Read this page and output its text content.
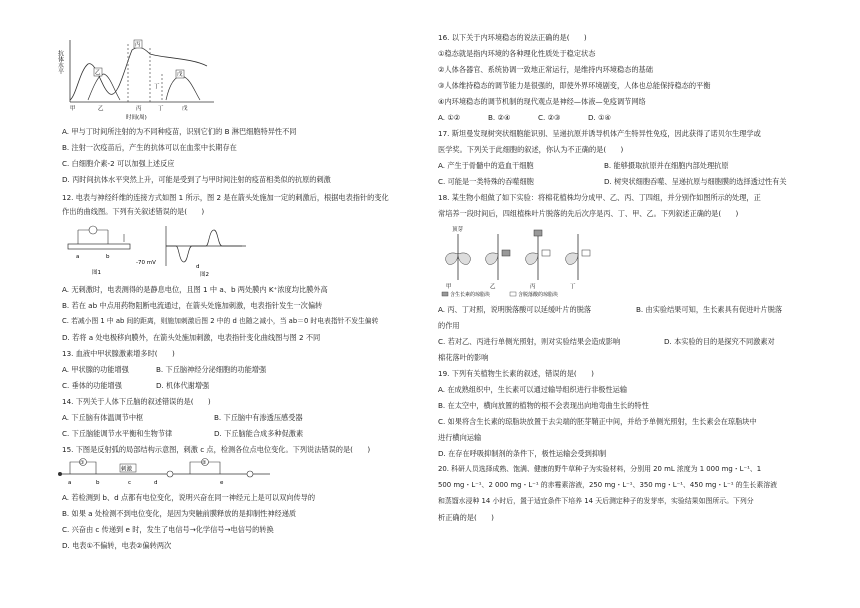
抗体水平	乙
丙
丁
戊
甲	乙	丁	戊
丙
时间(周)
A. 甲与丁时间所注射的为不同种疫苗，识别它们的 B 淋巴细胞特异性不同
B. 注射一次疫苗后，产生的抗体可以在血浆中长期存在
C. 白细胞介素-2 可以加强上述反应
D. 丙时间抗体水平突然上升，可能是受到了与甲时间注射的疫苗相类似的抗原的刺激
12. 电表与神经纤维的连接方式如图 1 所示，图 2 是在箭头处施加一定的刺激后，根据电表指针的变化
作出的曲线图。下列有关叙述错误的是(　　)
a	b
图1
-70 mV
d
图2
A. 无刺激时，电表测得的是静息电位，且图 1 中 a、b 两处膜内 K⁺浓度均比膜外高
B. 若在 ab 中点用药物阻断电流通过，在箭头处施加刺激，电表指针发生一次偏转
C. 若减小图 1 中 ab 间的距离，则施加刺激后图 2 中的 d 也随之减小，当 ab＝0 时电表指针不发生偏转
D. 若将 a 处电极移向膜外，在箭头处施加刺激，电表指针变化曲线图与图 2 不同
13. 血液中甲状腺激素增多时(　　)
A. 甲状腺的功能增强	B. 下丘脑神经分泌细胞的功能增强
C. 垂体的功能增强	D. 机体代谢增强
14. 下列关于人体下丘脑的叙述错误的是(　　)
A. 下丘脑有体温调节中枢	B. 下丘脑中有渗透压感受器
C. 下丘脑能调节水平衡和生物节律	D. 下丘脑能合成多种促激素
15. 下图是反射弧的局部结构示意图，刺激 c 点，检测各位点电位变化。下列说法错误的是(　　)
①	②
刺激
a	b	c	d	e
A. 若检测到 b、d 点都有电位变化，说明兴奋在同一神经元上是可以双向传导的
B. 如果 a 处检测不到电位变化，是因为突触前膜释放的是抑制性神经递质
C. 兴奋由 c 传递到 e 时，发生了电信号→化学信号→电信号的转换
D. 电表①不偏转，电表②偏转两次
16. 以下关于内环境稳态的说法正确的是(　　)
①稳态就是指内环境的各种理化性质处于稳定状态
②人体各器官、系统协调一致地正常运行，是维持内环境稳态的基础
③人体维持稳态的调节能力是很强的，即使外界环境剧变，人体也总能保持稳态的平衡
④内环境稳态的调节机制的现代观点是神经—体液—免疫调节网络
A. ①②	B. ②④	C. ②③	D. ①④
17. 斯坦曼发现树突状细胞能识别、呈递抗原并诱导机体产生特异性免疫，因此获得了诺贝尔生理学或
医学奖。下列关于此细胞的叙述，你认为不正确的是(　　)
A. 产生于骨髓中的造血干细胞	B. 能够摄取抗原并在细胞内部处理抗原
C. 可能是一类特殊的吞噬细胞	D. 树突状细胞吞噬、呈递抗原与细胞膜的选择透过性有关
18. 某生物小组做了如下实验：将棉花植株均分成甲、乙、丙、丁四组，并分别作如图所示的处理，正
常培养一段时间后，四组植株叶片脱落的先后次序是丙、丁、甲、乙。下列叙述正确的是(　　)
顶芽
甲	乙	丙	丁
含生长素的琼脂块	含脱落酸的琼脂块
A. 丙、丁对照，说明脱落酸可以延缓叶片的脱落	B. 由实验结果可知，生长素具有促进叶片脱落
的作用
C. 若对乙、丙进行单侧光照射，则对实验结果会造成影响	D. 本实验的目的是探究不同激素对
棉花落叶的影响
19. 下列有关植物生长素的叙述，错误的是(　　)
A. 在成熟组织中，生长素可以通过输导组织进行非极性运输
B. 在太空中，横向放置的植物的根不会表现出向地弯曲生长的特性
C. 如果将含生长素的琼脂块放置于去尖端的胚芽鞘正中间，并给予单侧光照射，生长素会在琼脂块中
进行横向运输
D. 在存在呼吸抑制剂的条件下，极性运输会受到抑制
20. 科研人员选择成熟、饱满、健康的野牛草种子为实验材料，分别用 20 mL 浓度为 1 000 mg・L⁻¹、1
500 mg・L⁻¹、2 000 mg・L⁻¹ 的赤霉素溶液，250 mg・L⁻¹、350 mg・L⁻¹、450 mg・L⁻¹ 的生长素溶液
和蒸馏水浸种 14 小时后，置于适宜条件下培养 14 天后测定种子的发芽率，实验结果如图所示。下列分
析正确的是(　　)
